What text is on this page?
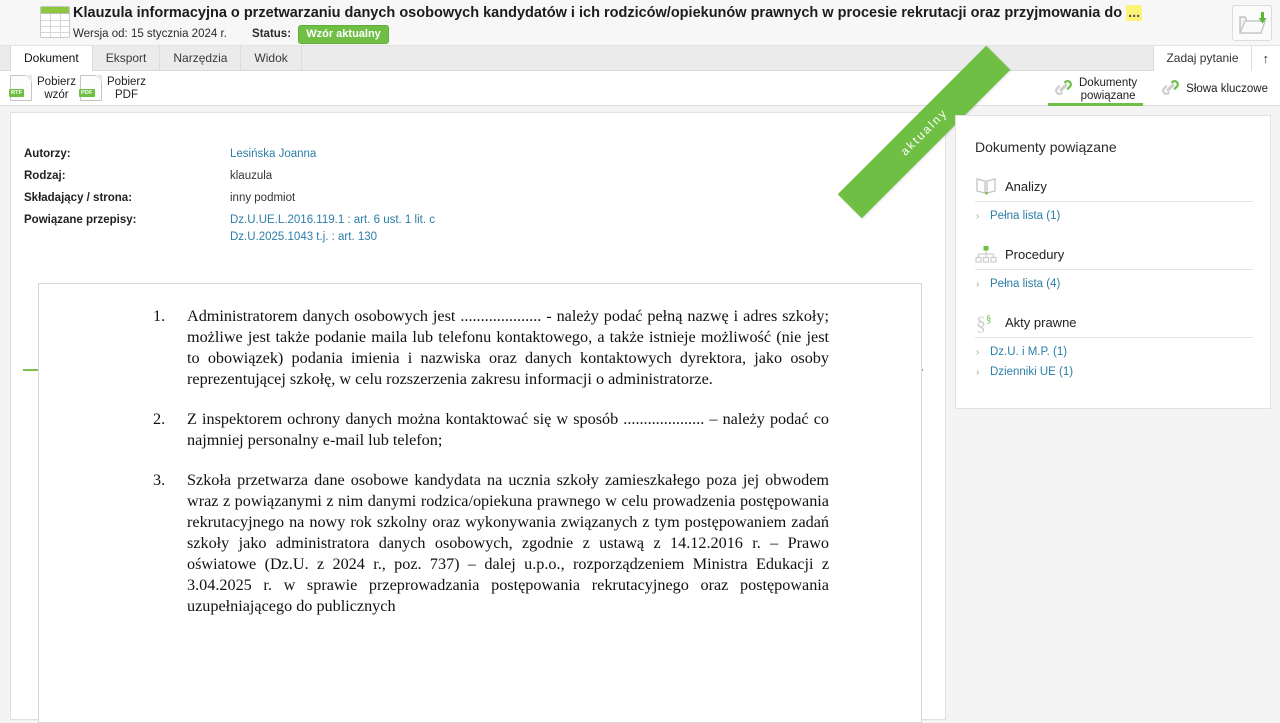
Klauzula informacyjna o przetwarzaniu danych osobowych kandydatów i ich rodziców/opiekunów prawnych w procesie rekrutacji oraz przyjmowania do ...
Wersja od: 15 stycznia 2024 r. Status: Wzór aktualny
Dokument	Eksport	Narzędzia	Widok	Zadaj pytanie	↑
RTF
Pobierz
wzór	PDF
Pobierz
PDF
Dokumenty
powiązane
Słowa kluczowe
aktualny
Autorzy:	Lesińska Joanna

Rodzaj:	klauzula
Składający / strona:	inny podmiot
Powiązane przepisy:	Dz.U.UE.L.2016.119.1 : art. 6 ust. 1 lit. c
Dz.U.2025.1043 t.j. : art. 130
1. Administratorem danych osobowych jest .................... - należy podać pełną nazwę i adres szkoły; możliwe jest także podanie maila lub telefonu kontaktowego, a także istnieje możliwość (nie jest to obowiązek) podania imienia i nazwiska oraz danych kontaktowych dyrektora, jako osoby reprezentującej szkołę, w celu rozszerzenia zakresu informacji o administratorze.
2. Z inspektorem ochrony danych można kontaktować się w sposób .................... – należy podać co najmniej personalny e-mail lub telefon;
3. Szkoła przetwarza dane osobowe kandydata na ucznia szkoły zamieszkałego poza jej obwodem wraz z powiązanymi z nim danymi rodzica/opiekuna prawnego w celu prowadzenia postępowania rekrutacyjnego na nowy rok szkolny oraz wykonywania związanych z tym postępowaniem zadań szkoły jako administratora danych osobowych, zgodnie z ustawą z 14.12.2016 r. – Prawo oświatowe (Dz.U. z 2024 r., poz. 737) – dalej u.p.o., rozporządzeniem Ministra Edukacji z 3.04.2025 r. w sprawie przeprowadzania postępowania rekrutacyjnego oraz postępowania uzupełniającego do publicznych
Dokumenty powiązane
Analizy
› Pełna lista (1)
Procedury
› Pełna lista (4)
§ § Akty prawne
› Dz.U. i M.P. (1)
› Dzienniki UE (1)
